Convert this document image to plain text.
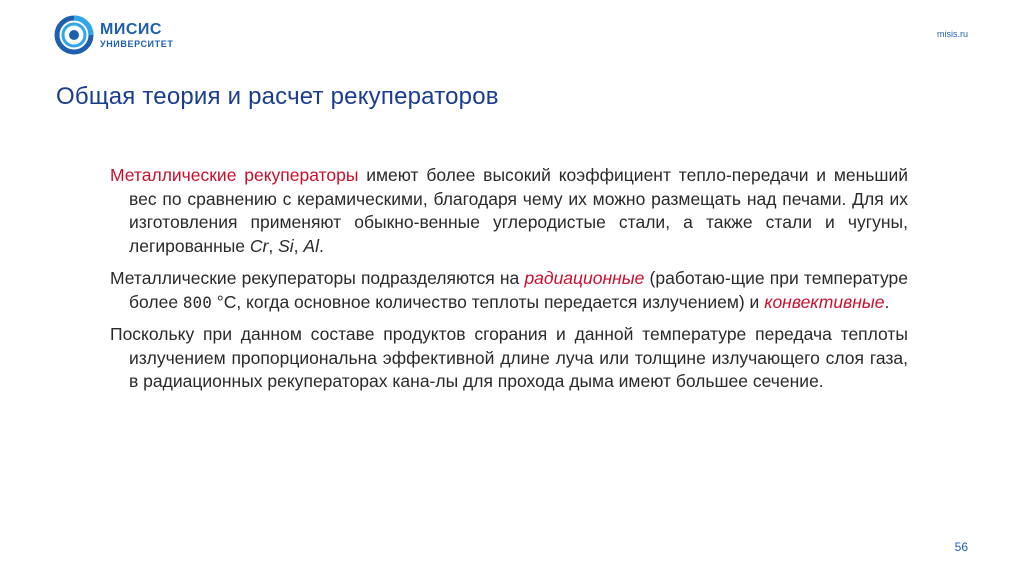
МИСИС
УНИВЕРСИТЕТ
misis.ru
Общая теория и расчет рекуператоров

Металлические рекуператоры имеют более высокий коэффициент тепло-передачи и меньший вес по сравнению с керамическими, благодаря чему их можно размещать над печами. Для их изготовления применяют обыкно-венные углеродистые стали, а также стали и чугуны, легированные Cr, Si, Al.

Металлические рекуператоры подразделяются на радиационные (работаю-щие при температуре более 800 °С, когда основное количество теплоты передается излучением) и конвективные.

Поскольку при данном составе продуктов сгорания и данной температуре передача теплоты излучением пропорциональна эффективной длине луча или толщине излучающего слоя газа, в радиационных рекуператорах кана-лы для прохода дыма имеют большее сечение.

56
